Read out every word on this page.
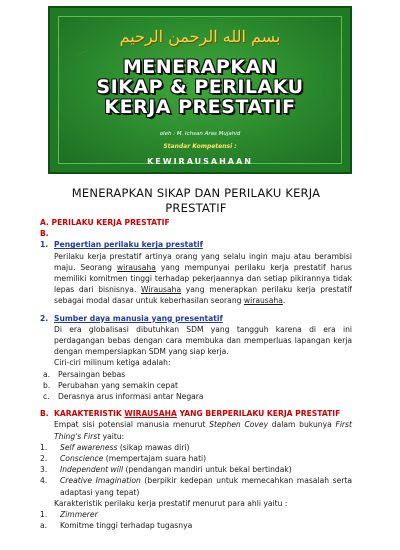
.....
بسم الله الرحمن الرحيم
MENERAPKAN
SIKAP & PERILAKU
KERJA PRESTATIF
oleh : M. Ichsan Aras Mujahid
Standar Kompetensi :
KEWIRAUSAHAAN
MENERAPKAN SIKAP DAN PERILAKU KERJA
PRESTATIF
A. PERILAKU KERJA PRESTATIF
B.
1. Pengertian perilaku kerja prestatif
Perilaku kerja prestatif artinya orang yang selalu ingin maju atau berambisi maju. Seorang wirausaha yang mempunyai perilaku kerja prestatif harus memiliki komitmen tinggi terhadap pekerjaannya dan setiap pikirannya tidak lepas dari bisnisnya. Wirausaha yang menerapkan perilaku kerja prestatif sebagai modal dasar untuk keberhasilan seorang wirausaha.
2. Sumber daya manusia yang presentatif
Di era globalisasi dibutuhkan SDM yang tangguh karena di era ini perdagangan bebas dengan cara membuka dan memperluas lapangan kerja dengan mempersiapkan SDM yang siap kerja.
Ciri-ciri milinum ketiga adalah:
a.	Persaingan bebas
b.	Perubahan yang semakin cepat
c.	Derasnya arus informasi antar Negara
B. KARAKTERISTIK WIRAUSAHA YANG BERPERILAKU KERJA PRESTATIF
Empat sisi potensial manusia menurut Stephen Covey dalam bukunya First Thing's First yaitu:
1.	Self awareness (sikap mawas diri)
2.	Conscience (mempertajam suara hati)
3.	Independent will (pendangan mandiri untuk bekal bertindak)
4.	Creative Imagination (berpikir kedepan untuk memecahkan masalah serta adaptasi yang tepat)
Karakteristik perilaku kerja prestatif menurut para ahli yaitu :
1.	Zimmerer
a.	Komitme tinggi terhadap tugasnya
